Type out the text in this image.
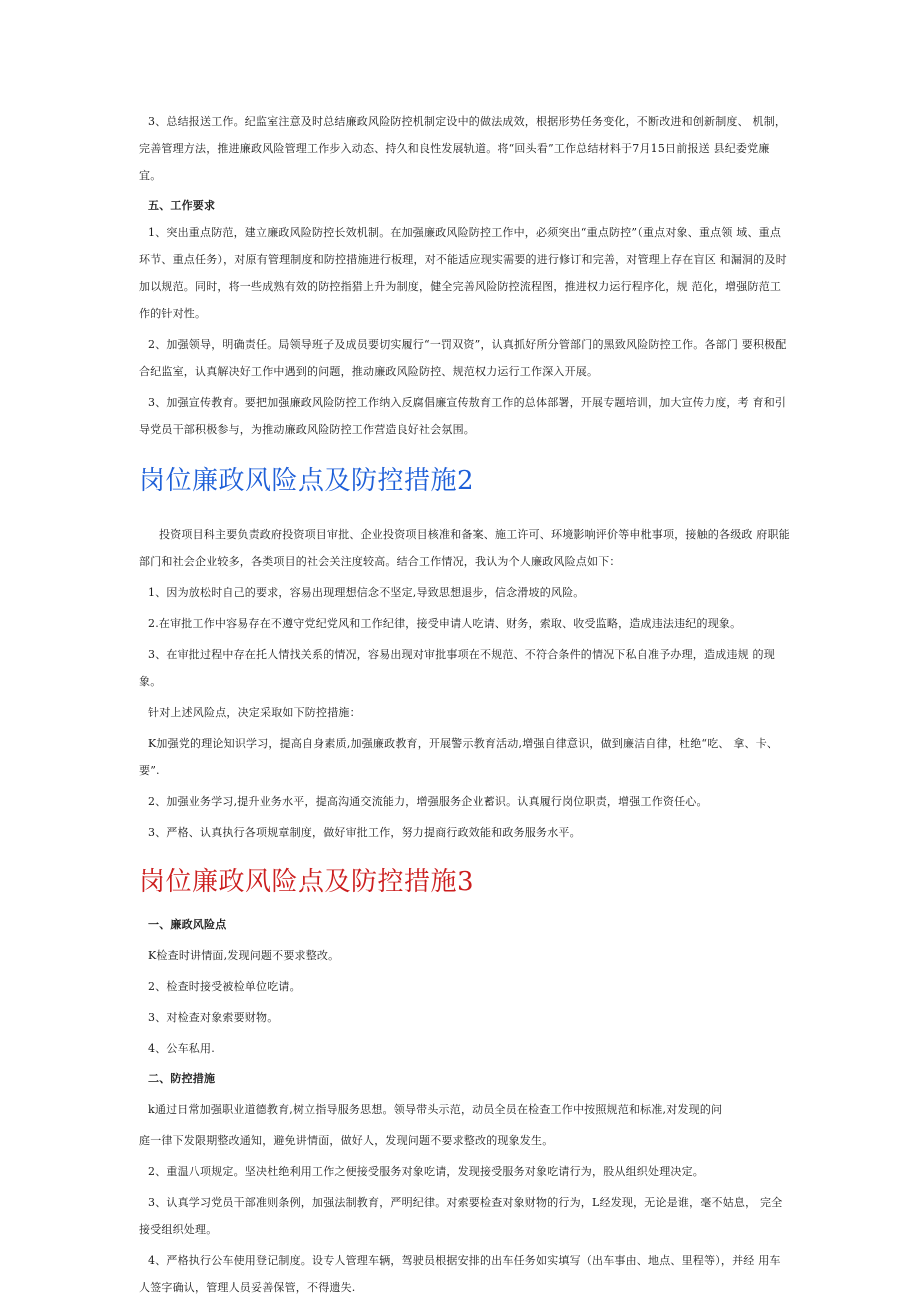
3、总结报送工作。纪监室注意及时总结廉政风险防控机制定设中的做法成效，根据形势任务变化，不断改进和创新制度、 机制，完善管理方法，推进廉政风险管理工作步入动态、持久和良性发展轨道。将“回头看”工作总结材料于7月15日前报送 县纪委党廉宜。

五、工作要求

1、突出重点防范，建立廉政风险防控长效机制。在加强廉政风险防控工作中，必须突出“重点防控”（重点对象、重点领 域、重点环节、重点任务），对原有管理制度和防控措施进行板理，对不能适应现实需要的进行修订和完善，对管理上存在盲区 和漏洞的及时加以规范。同时，将一些成熟有效的防控指猎上升为制度，健全完善风险防控流程图，推进权力运行程序化，规 范化，增强防范工作的针对性。

2、加强领导，明确责任。局领导班子及成员要切实履行“一罚双资”，认真抓好所分管部门的黑致风险防控工作。各部门 要积极配合纪监室，认真解决好工作中遇到的问题，推动廉政风险防控、规范权力运行工作深入开展。

3、加强宣传教育。要把加强廉政风险防控工作纳入反腐倡廉宣传敖育工作的总体部署，开展专题培训，加大宣传力度，考 育和引导党员干部积极参与，为推动廉政风险防控工作营造良好社会氛围。

岗位廉政风险点及防控措施2

投资项目科主要负责政府投资项目审批、企业投资项目核准和备案、施工许可、环境影响评价等申枇事项，接触的各级政 府职能部门和社会企业较多，各类项目的社会关注度较高。结合工作情况，我认为个人廉政风险点如下：

1、因为放松时自己的要求，容易出现理想信念不坚定,导致思想退步，信念滑坡的风险。

2.在审批工作中容易存在不遵守党纪党风和工作纪律，接受申请人吃请、财务，索取、收受监略，造成违法违纪的现象。

3、在审批过程中存在托人情找关系的情况，容易出现对审批事项在不规范、不符合条件的情况下私自准予办理，造成违规 的现象。

针对上述风险点，决定采取如下防控措施：

K加强党的理论知识学习，提高自身素质,加强廉政教育，开展警示教育活动,增强自律意识，做到廉洁自律，杜绝“吃、 拿、卡、要”.

2、加强业务学习,提升业务水平，提高沟通交流能力，增强服务企业蓄识。认真履行岗位职责，增强工作资任心。

3、严格、认真执行各项规章制度，做好审批工作，努力提商行政效能和政务服务水平。

岗位廉政风险点及防控措施3

一、廉政风险点

K检查时讲情面,发现问题不要求整改。

2、检查时接受被检单位吃请。

3、对检查对象索要财物。

4、公车私用.

二、防控措施

k通过日常加强职业道德教育,树立指导服务思想。领导带头示范，动员全员在检查工作中按照规范和标准,对发现的问

庭一律下发限期整改通知，避免讲情面，做好人，发现问题不要求整改的现象发生。

2、重温八项规定。坚决杜绝利用工作之便接受服务对象吃请，发现接受服务对象吃请行为，股从组织处理决定。

3、认真学习党员干部准则条例，加强法制教育，严明纪律。对索要检查对象财物的行为，L经发现，无论是谁，毫不姑息， 完全接受组织处理。

4、严格执行公车使用登记制度。设专人管理车辆，驾驶员根据安排的出车任务如实填写（出车事由、地点、里程等），并经 用车人签字确认，管理人员妥善保管，不得遗失.
